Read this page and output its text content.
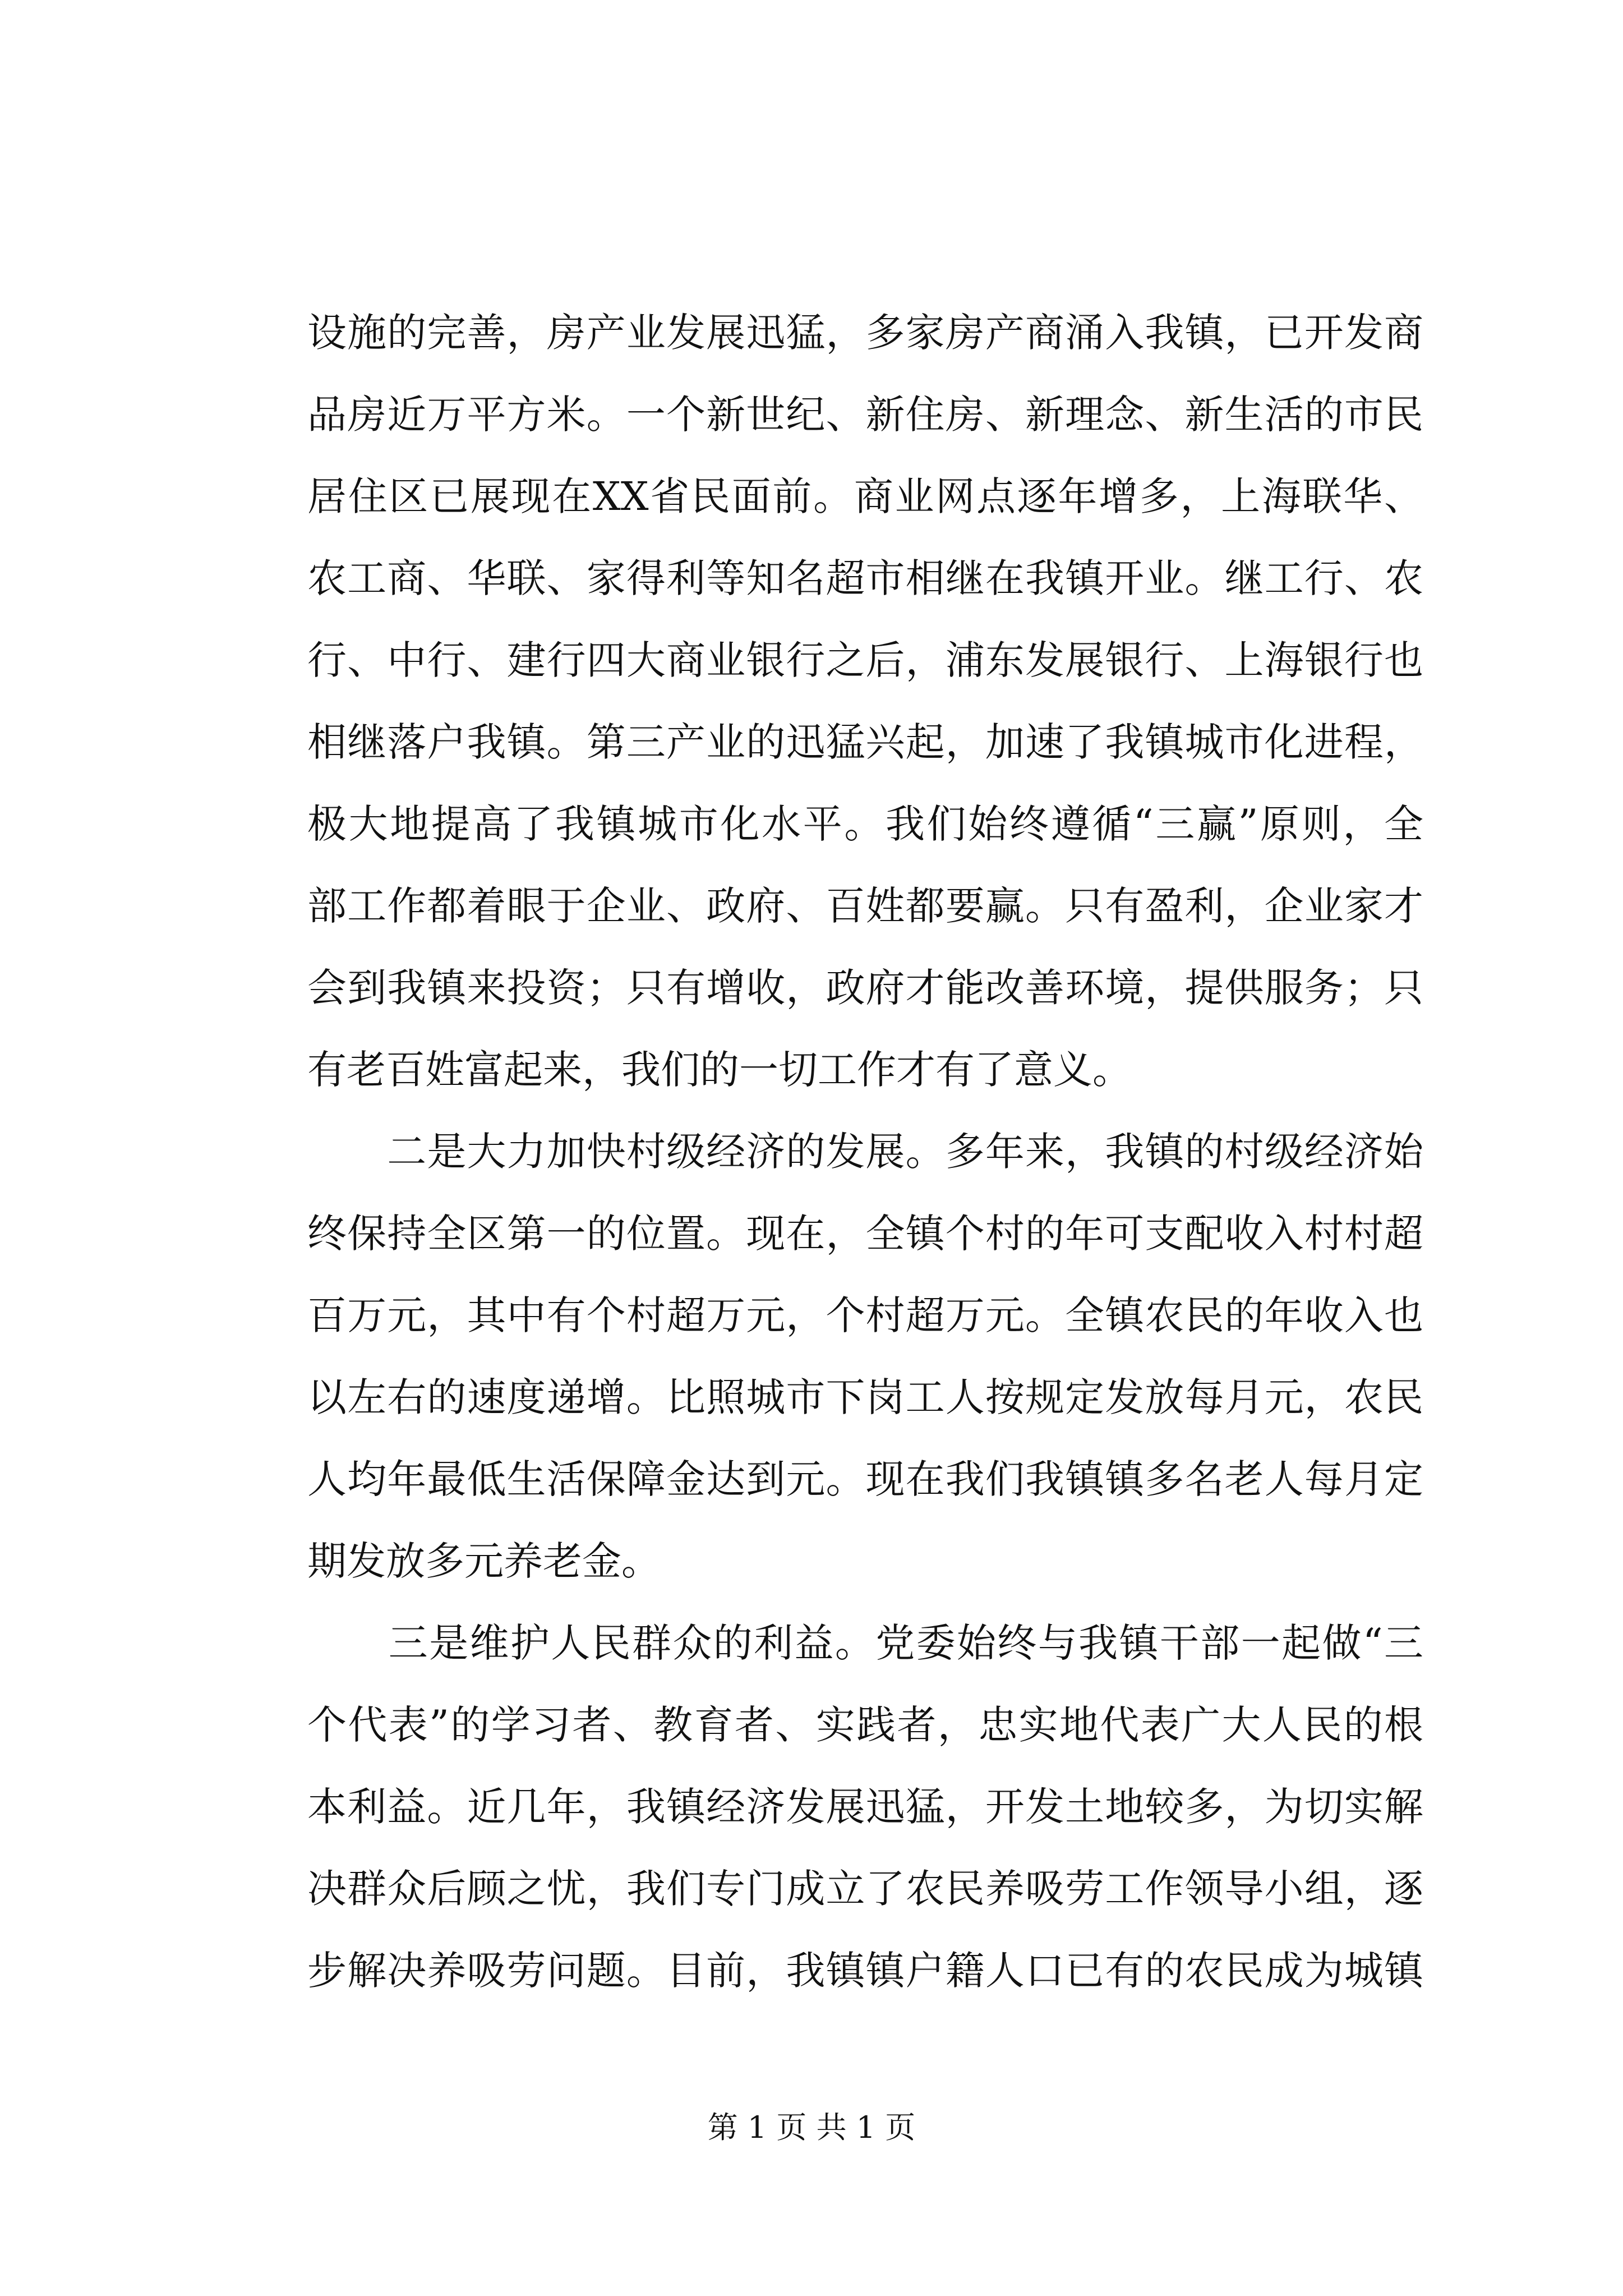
设施的完善，房产业发展迅猛，多家房产商涌入我镇，已开发商
品房近万平方米。一个新世纪、新住房、新理念、新生活的市民
居住区已展现在XX省民面前。商业网点逐年增多，上海联华、
农工商、华联、家得利等知名超市相继在我镇开业。继工行、农
行、中行、建行四大商业银行之后，浦东发展银行、上海银行也
相继落户我镇。第三产业的迅猛兴起，加速了我镇城市化进程，
极大地提高了我镇城市化水平。我们始终遵循“三赢”原则，全
部工作都着眼于企业、政府、百姓都要赢。只有盈利，企业家才
会到我镇来投资；只有增收，政府才能改善环境，提供服务；只
有老百姓富起来，我们的一切工作才有了意义。
　　二是大力加快村级经济的发展。多年来，我镇的村级经济始
终保持全区第一的位置。现在，全镇个村的年可支配收入村村超
百万元，其中有个村超万元，个村超万元。全镇农民的年收入也
以左右的速度递增。比照城市下岗工人按规定发放每月元，农民
人均年最低生活保障金达到元。现在我们我镇镇多名老人每月定
期发放多元养老金。
　　三是维护人民群众的利益。党委始终与我镇干部一起做“三
个代表”的学习者、教育者、实践者，忠实地代表广大人民的根
本利益。近几年，我镇经济发展迅猛，开发土地较多，为切实解
决群众后顾之忧，我们专门成立了农民养吸劳工作领导小组，逐
步解决养吸劳问题。目前，我镇镇户籍人口已有的农民成为城镇
第 1 页 共 1 页
